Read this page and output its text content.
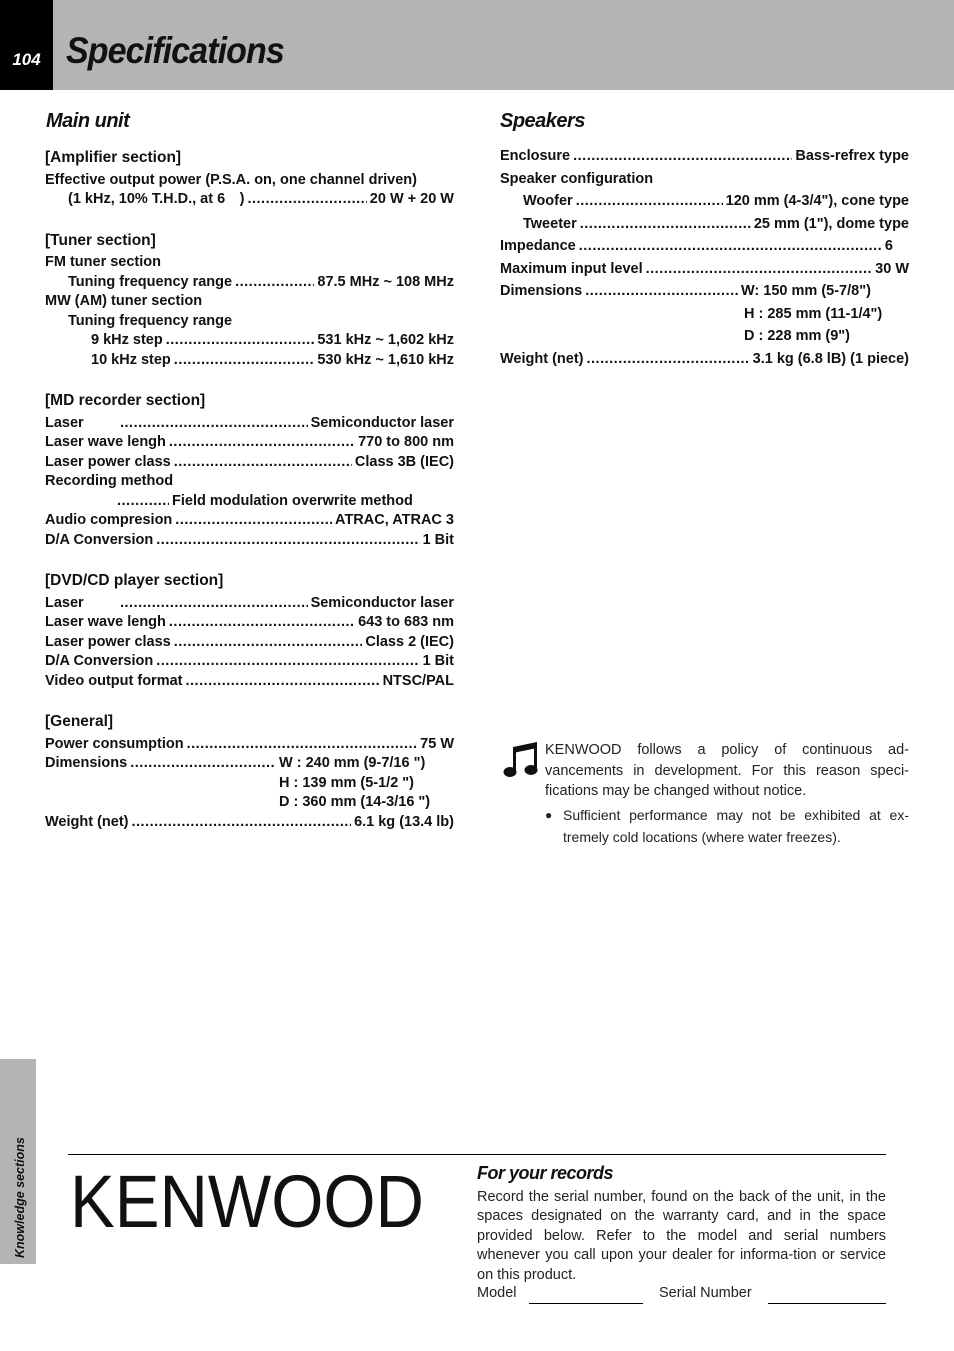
104 Specifications
Main unit
[Amplifier section]
Effective output power (P.S.A. on, one channel driven)
(1 kHz, 10% T.H.D., at 6 ) .....	20 W + 20 W
[Tuner section]
FM tuner section
Tuning frequency range .....	87.5 MHz ~ 108 MHz
MW (AM) tuner section
Tuning frequency range
9 kHz step .....	531 kHz ~ 1,602 kHz
10 kHz step .....	530 kHz ~ 1,610 kHz
[MD recorder section]
Laser .....	Semiconductor laser
Laser wave lengh .....	770 to 800 nm
Laser power class .....	Class 3B (IEC)
Recording method
.....
Field modulation overwrite method
Audio compresion .....	ATRAC, ATRAC 3
D/A Conversion .....	1 Bit
[DVD/CD player section]
Laser .....	Semiconductor laser
Laser wave lengh .....	643 to 683 nm
Laser power class .....	Class 2 (IEC)
D/A Conversion .....	1 Bit
Video output format .....	NTSC/PAL
[General]
Power consumption .....	75 W
Dimensions .....	W : 240 mm (9-7/16 ")
H : 139 mm (5-1/2 ")
D : 360 mm (14-3/16 ")
Weight (net) .....	6.1 kg (13.4 lb)
Speakers
Enclosure .....	Bass-refrex type
Speaker configuration
Woofer .....	120 mm (4-3/4"), cone type
Tweeter .....	25 mm (1"), dome type
Impedance .....	6
Maximum input level .....	30 W
Dimensions .....	W: 150 mm (5-7/8")
H : 285 mm (11-1/4")
D : 228 mm (9")
Weight (net) .....	3.1 kg (6.8 lB) (1 piece)
KENWOOD follows a policy of continuous ad-vancements in development. For this reason speci-fications may be changed without notice.
● Sufficient performance may not be exhibited at ex-tremely cold locations (where water freezes).
Knowledge sections KENWOOD	For your records
Record the serial number, found on the back of the unit, in the spaces designated on the warranty card, and in the space provided below. Refer to the model and serial numbers whenever you call upon your dealer for informa-tion or service on this product.
Model	Serial Number
